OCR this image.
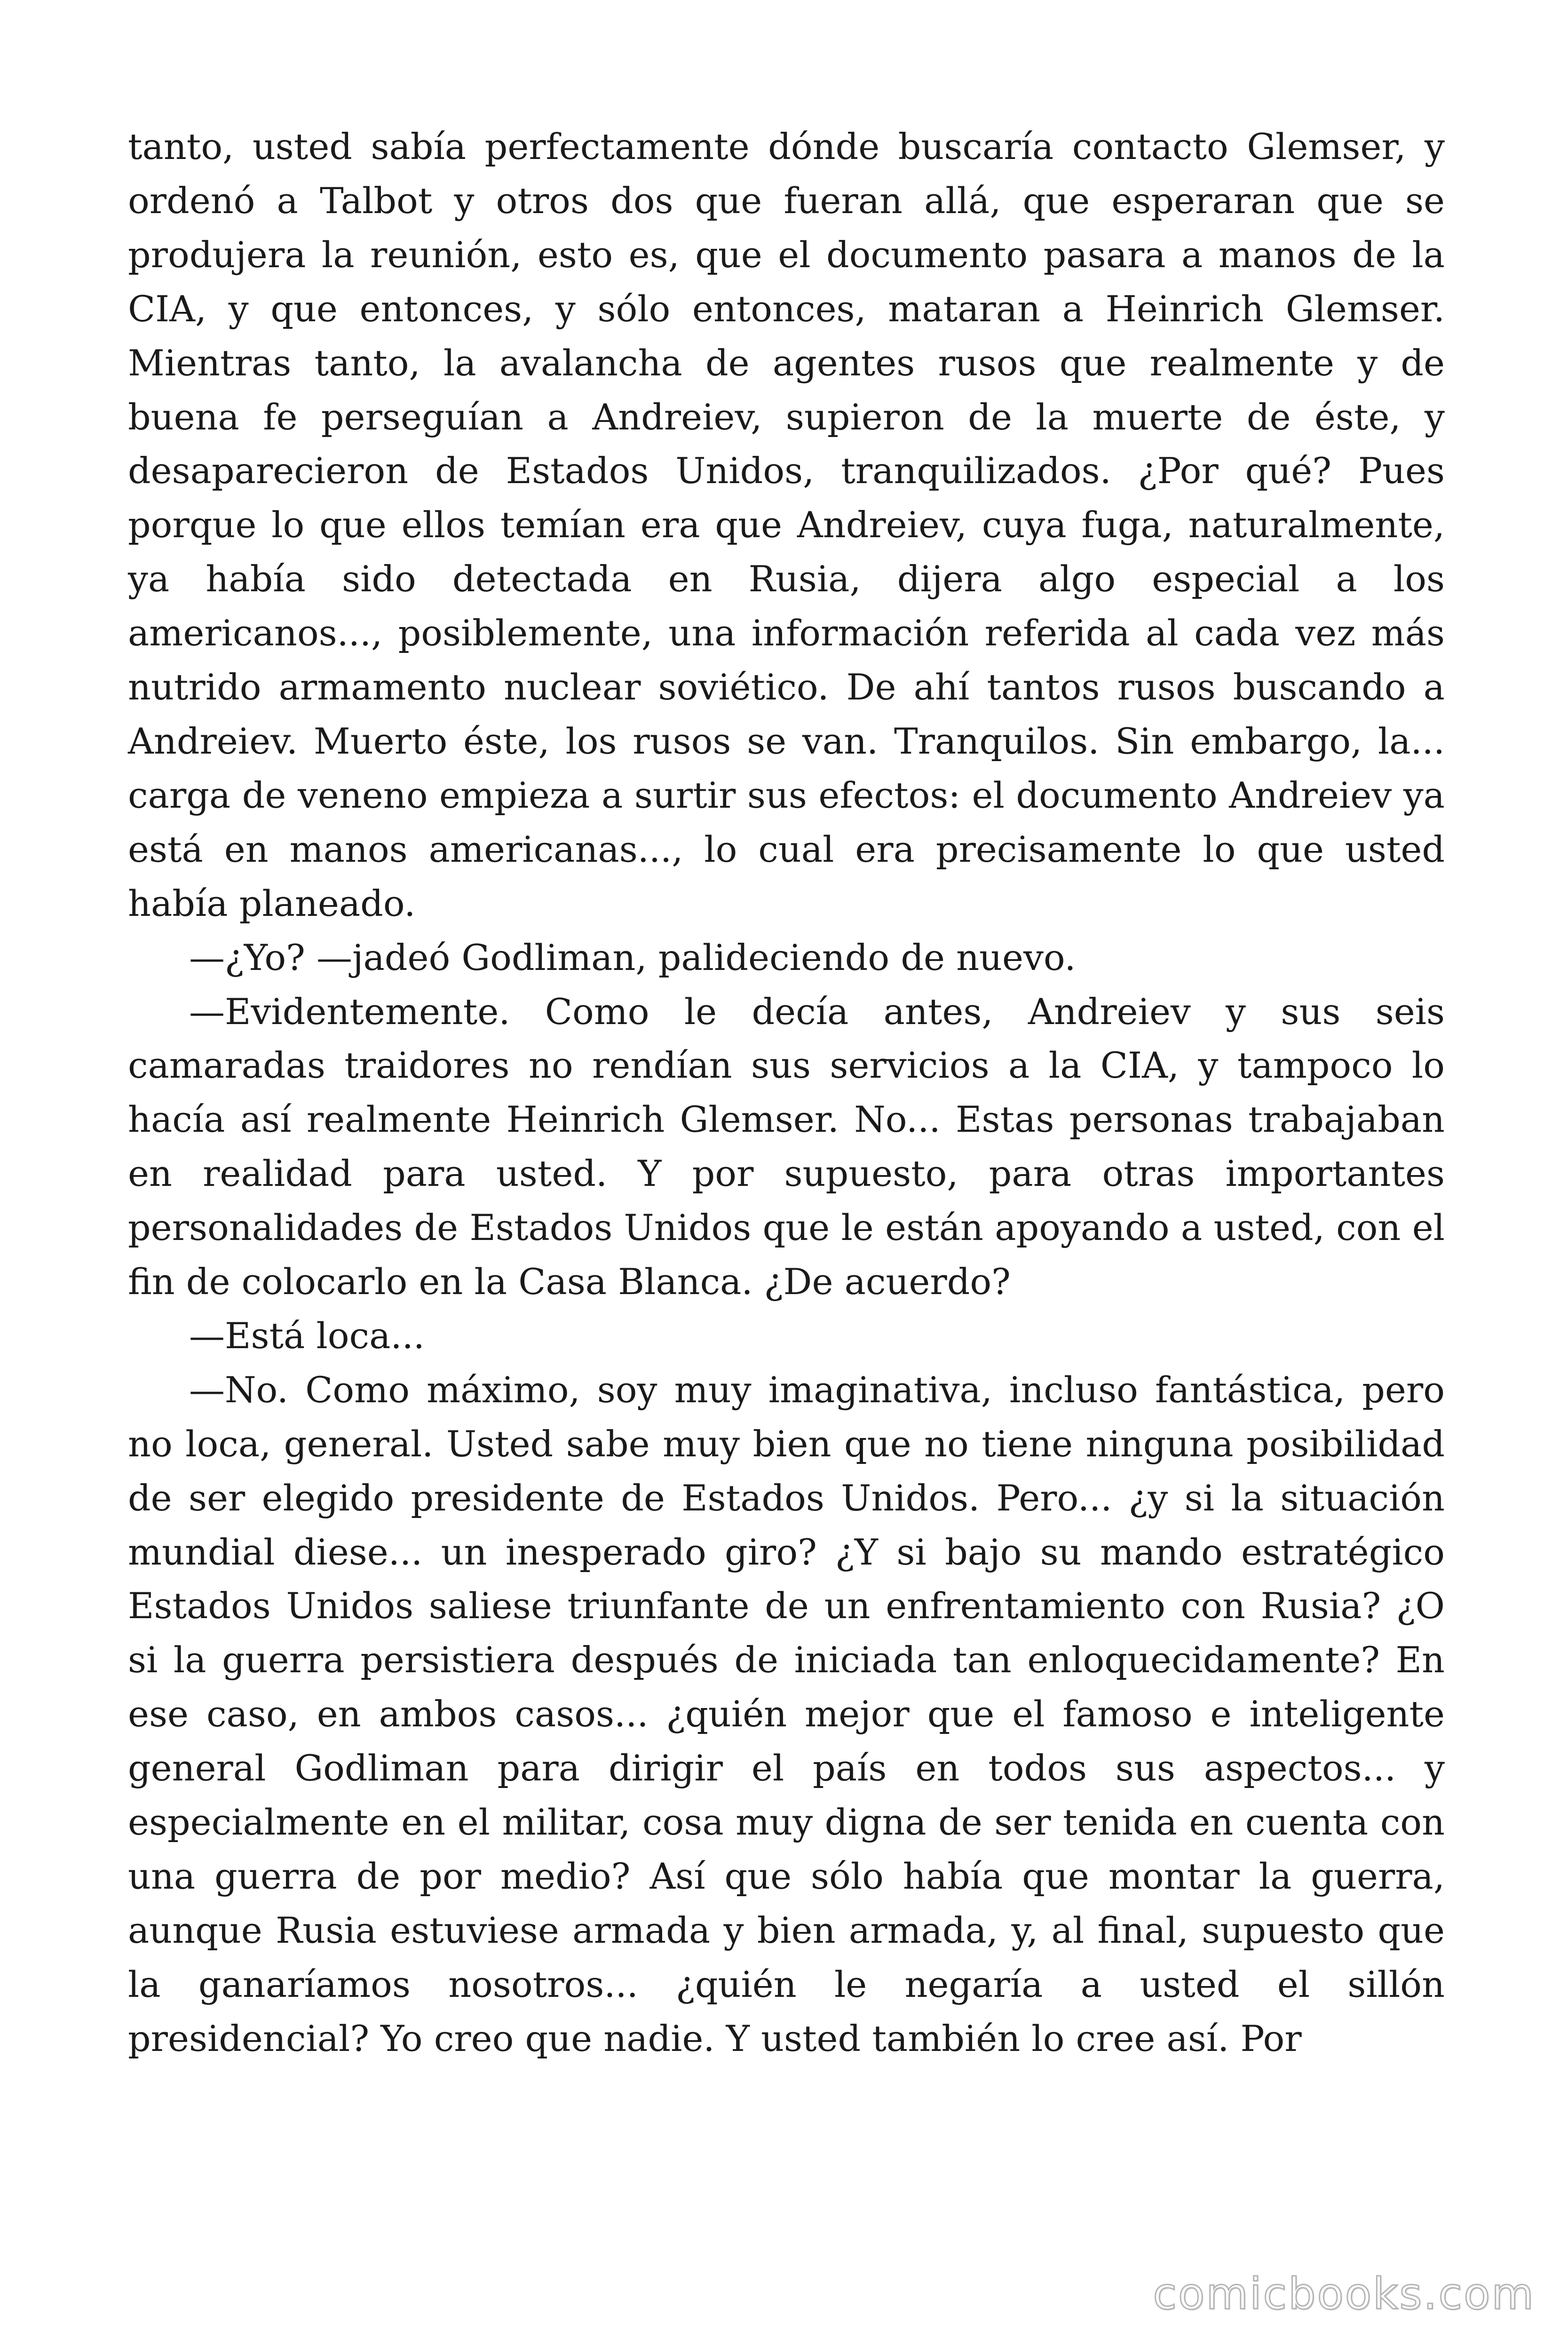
tanto, usted sabía perfectamente dónde buscaría contacto Glemser, y ordenó a Talbot y otros dos que fueran allá, que esperaran que se produjera la reunión, esto es, que el documento pasara a manos de la CIA, y que entonces, y sólo entonces, mataran a Heinrich Glemser. Mientras tanto, la avalancha de agentes rusos que realmente y de buena fe perseguían a Andreiev, supieron de la muerte de éste, y desaparecieron de Estados Unidos, tranquilizados. ¿Por qué? Pues porque lo que ellos temían era que Andreiev, cuya fuga, naturalmente, ya había sido detectada en Rusia, dijera algo especial a los americanos..., posiblemente, una información referida al cada vez más nutrido armamento nuclear soviético. De ahí tantos rusos buscando a Andreiev. Muerto éste, los rusos se van. Tranquilos. Sin embargo, la... carga de veneno empieza a surtir sus efectos: el documento Andreiev ya está en manos americanas..., lo cual era precisamente lo que usted había planeado.

—¿Yo? —jadeó Godliman, palideciendo de nuevo.

—Evidentemente. Como le decía antes, Andreiev y sus seis camaradas traidores no rendían sus servicios a la CIA, y tampoco lo hacía así realmente Heinrich Glemser. No... Estas personas trabajaban en realidad para usted. Y por supuesto, para otras importantes personalidades de Estados Unidos que le están apoyando a usted, con el fin de colocarlo en la Casa Blanca. ¿De acuerdo?

—Está loca...

—No. Como máximo, soy muy imaginativa, incluso fantástica, pero no loca, general. Usted sabe muy bien que no tiene ninguna posibilidad de ser elegido presidente de Estados Unidos. Pero... ¿y si la situación mundial diese... un inesperado giro? ¿Y si bajo su mando estratégico Estados Unidos saliese triunfante de un enfrentamiento con Rusia? ¿O si la guerra persistiera después de iniciada tan enloquecidamente? En ese caso, en ambos casos... ¿quién mejor que el famoso e inteligente general Godliman para dirigir el país en todos sus aspectos... y especialmente en el militar, cosa muy digna de ser tenida en cuenta con una guerra de por medio? Así que sólo había que montar la guerra, aunque Rusia estuviese armada y bien armada, y, al final, supuesto que la ganaríamos nosotros... ¿quién le negaría a usted el sillón presidencial? Yo creo que nadie. Y usted también lo cree así. Por

comicbooks.com
